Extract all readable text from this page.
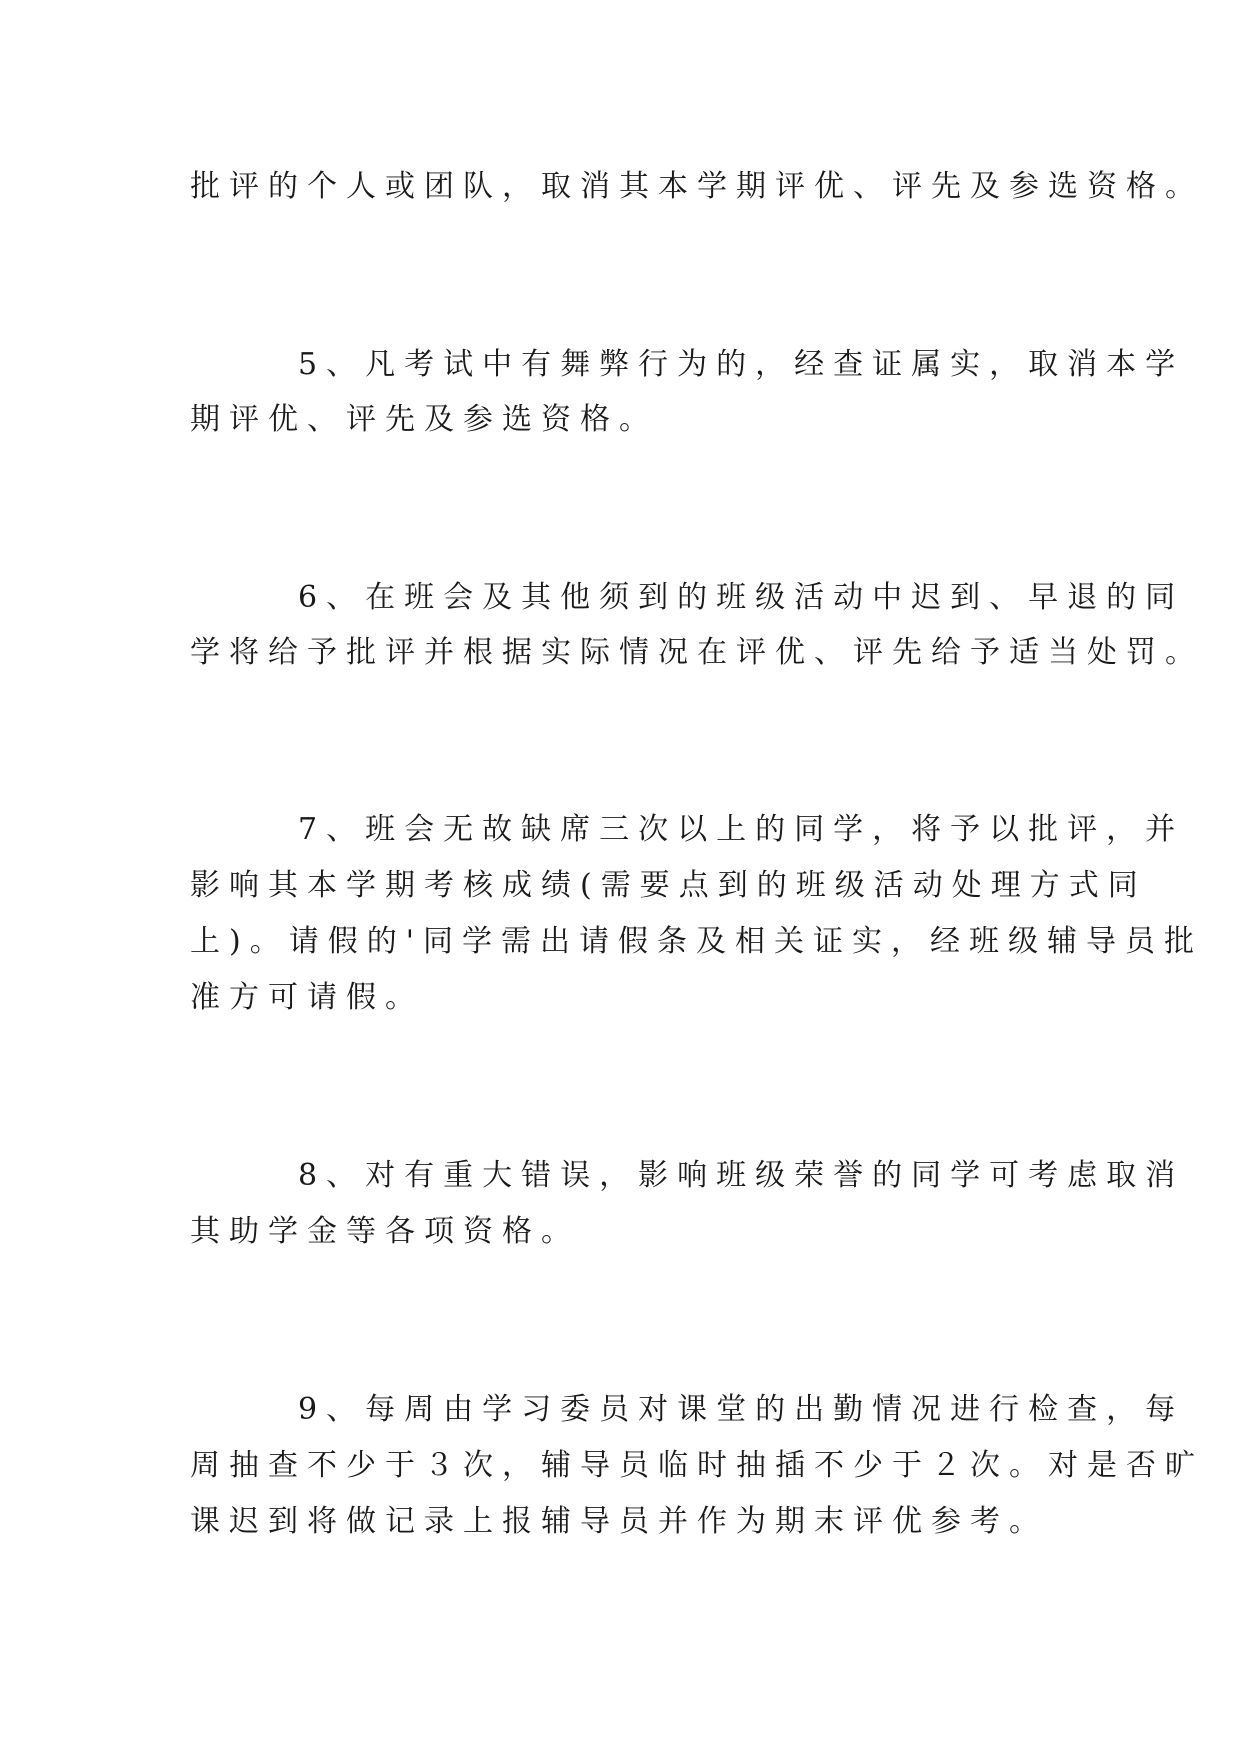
批评的个人或团队，取消其本学期评优、评先及参选资格。
5、凡考试中有舞弊行为的，经查证属实，取消本学
期评优、评先及参选资格。
6、在班会及其他须到的班级活动中迟到、早退的同
学将给予批评并根据实际情况在评优、评先给予适当处罚。
7、班会无故缺席三次以上的同学，将予以批评，并
影响其本学期考核成绩(需要点到的班级活动处理方式同
上)。请假的'同学需出请假条及相关证实，经班级辅导员批
准方可请假。
8、对有重大错误，影响班级荣誉的同学可考虑取消
其助学金等各项资格。
9、每周由学习委员对课堂的出勤情况进行检查，每
周抽查不少于３次，辅导员临时抽插不少于２次。对是否旷
课迟到将做记录上报辅导员并作为期末评优参考。
